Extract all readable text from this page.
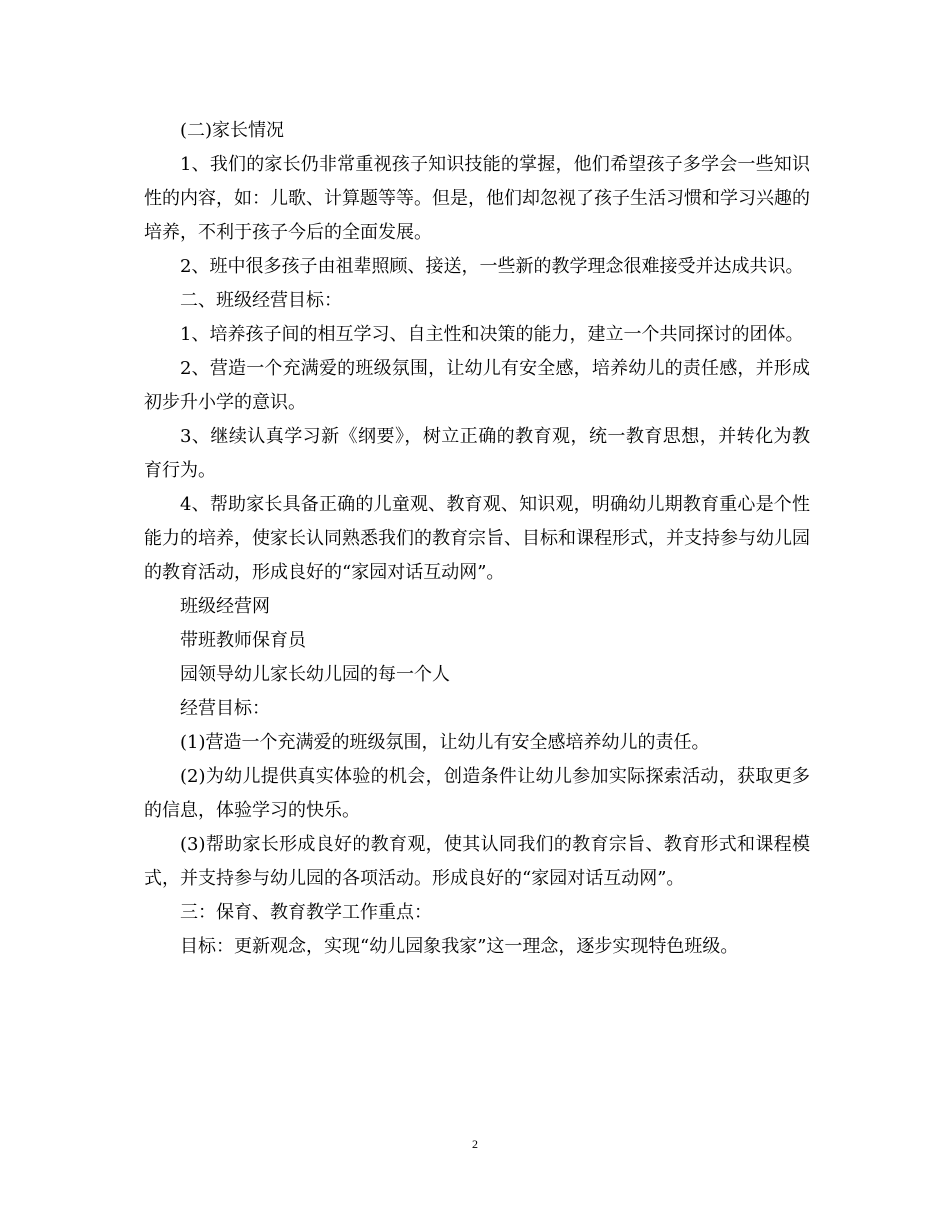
(二)家长情况

1、我们的家长仍非常重视孩子知识技能的掌握，他们希望孩子多学会一些知识性的内容，如：儿歌、计算题等等。但是，他们却忽视了孩子生活习惯和学习兴趣的培养，不利于孩子今后的全面发展。

2、班中很多孩子由祖辈照顾、接送，一些新的教学理念很难接受并达成共识。

二、班级经营目标：

1、培养孩子间的相互学习、自主性和决策的能力，建立一个共同探讨的团体。

2、营造一个充满爱的班级氛围，让幼儿有安全感，培养幼儿的责任感，并形成初步升小学的意识。

3、继续认真学习新《纲要》，树立正确的教育观，统一教育思想，并转化为教育行为。

4、帮助家长具备正确的儿童观、教育观、知识观，明确幼儿期教育重心是个性能力的培养，使家长认同熟悉我们的教育宗旨、目标和课程形式，并支持参与幼儿园的教育活动，形成良好的“家园对话互动网”。

班级经营网

带班教师保育员

园领导幼儿家长幼儿园的每一个人

经营目标：

(1)营造一个充满爱的班级氛围，让幼儿有安全感培养幼儿的责任。

(2)为幼儿提供真实体验的机会，创造条件让幼儿参加实际探索活动，获取更多的信息，体验学习的快乐。

(3)帮助家长形成良好的教育观，使其认同我们的教育宗旨、教育形式和课程模式，并支持参与幼儿园的各项活动。形成良好的“家园对话互动网”。

三：保育、教育教学工作重点：

目标：更新观念，实现“幼儿园象我家”这一理念，逐步实现特色班级。

2
